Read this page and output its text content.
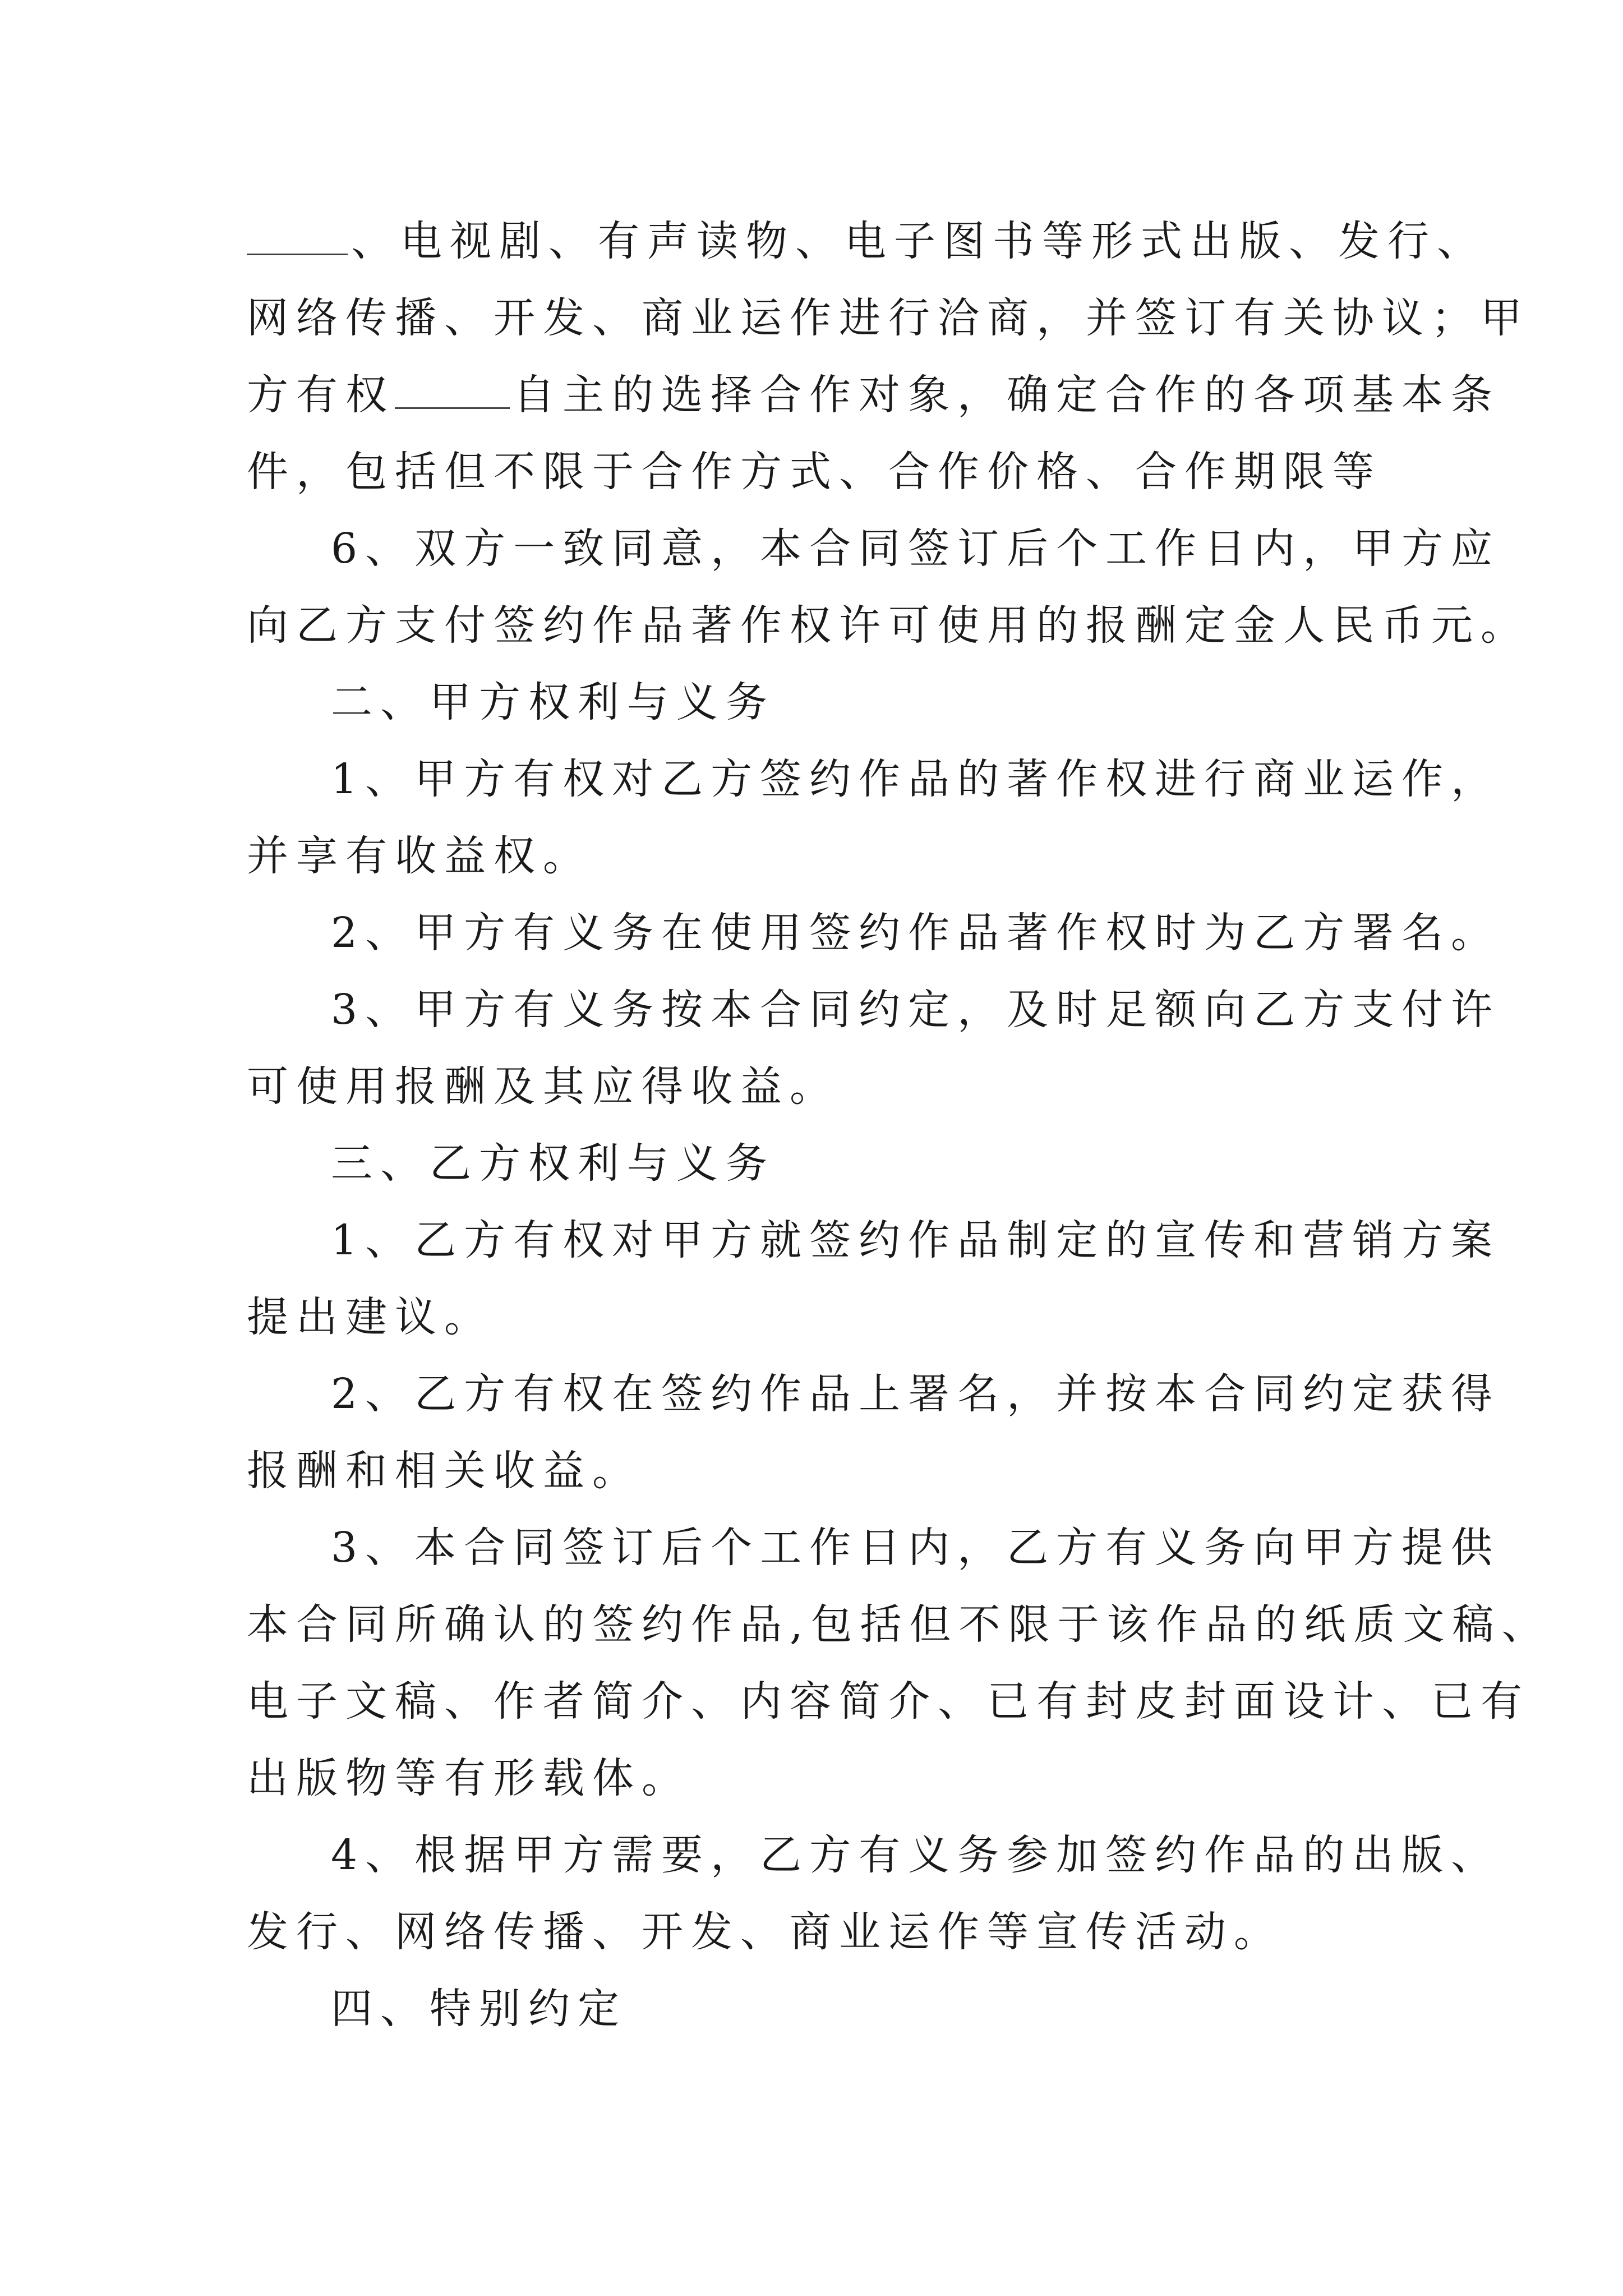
、电视剧、有声读物、电子图书等形式出版、发行、
网络传播、开发、商业运作进行洽商，并签订有关协议；甲
方有权	自主的选择合作对象，确定合作的各项基本条
件，包括但不限于合作方式、合作价格、合作期限等
6、双方一致同意，本合同签订后个工作日内，甲方应
向乙方支付签约作品著作权许可使用的报酬定金人民币元。
二、甲方权利与义务
1、甲方有权对乙方签约作品的著作权进行商业运作，
并享有收益权。
2、甲方有义务在使用签约作品著作权时为乙方署名。
3、甲方有义务按本合同约定，及时足额向乙方支付许
可使用报酬及其应得收益。
三、乙方权利与义务
1、乙方有权对甲方就签约作品制定的宣传和营销方案
提出建议。
2、乙方有权在签约作品上署名，并按本合同约定获得
报酬和相关收益。
3、本合同签订后个工作日内，乙方有义务向甲方提供
本合同所确认的签约作品,包括但不限于该作品的纸质文稿、
电子文稿、作者简介、内容简介、已有封皮封面设计、已有
出版物等有形载体。
4、根据甲方需要，乙方有义务参加签约作品的出版、
发行、网络传播、开发、商业运作等宣传活动。
四、特别约定
